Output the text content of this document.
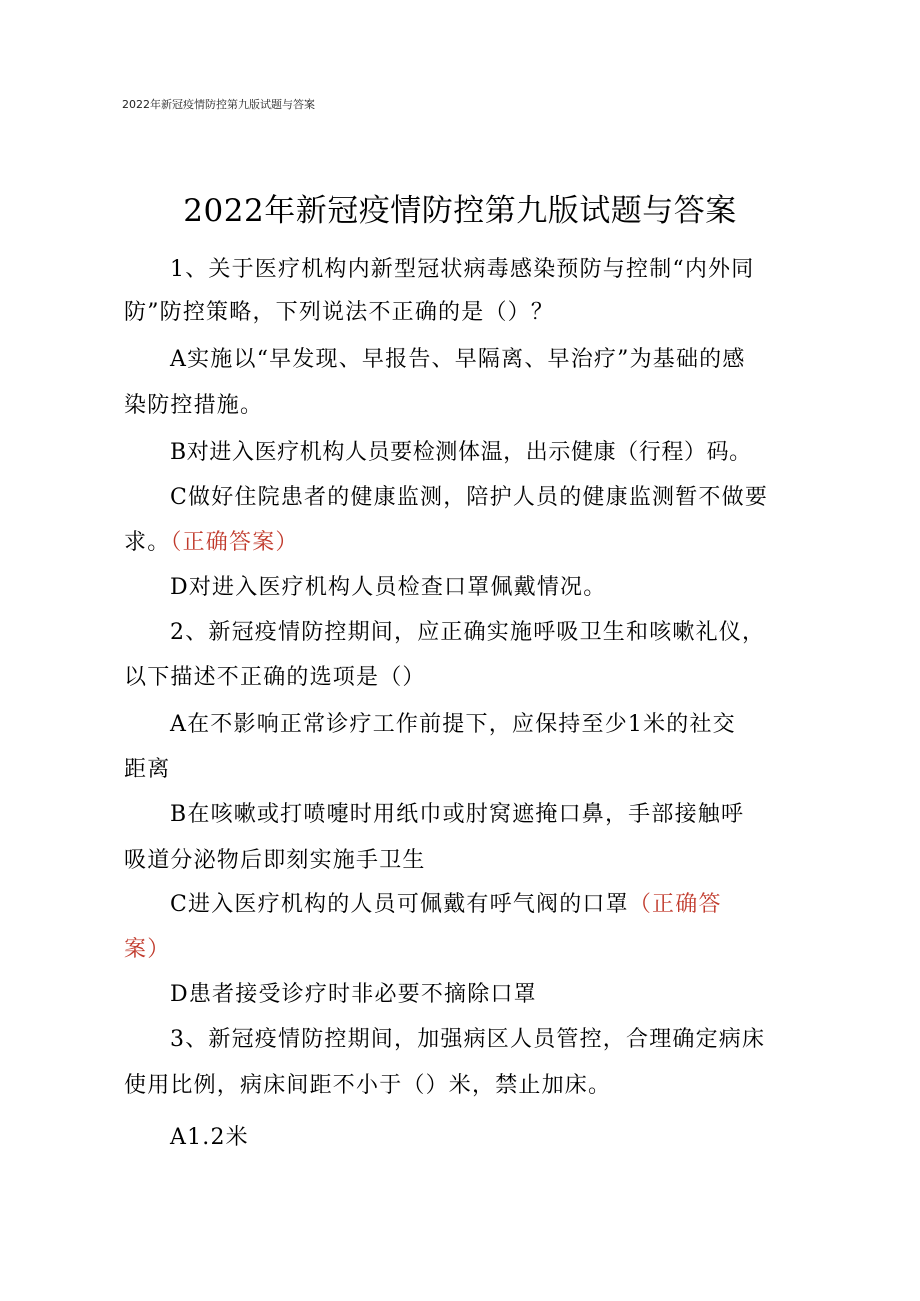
2022年新冠疫情防控第九版试题与答案
2022年新冠疫情防控第九版试题与答案
1、关于医疗机构内新型冠状病毒感染预防与控制“内外同
防”防控策略，下列说法不正确的是（）？
A实施以“早发现、早报告、早隔离、早治疗”为基础的感
染防控措施。
B对进入医疗机构人员要检测体温，出示健康（行程）码。
C做好住院患者的健康监测，陪护人员的健康监测暂不做要
求。（正确答案）
D对进入医疗机构人员检查口罩佩戴情况。
2、新冠疫情防控期间，应正确实施呼吸卫生和咳嗽礼仪，
以下描述不正确的选项是（）
A在不影响正常诊疗工作前提下，应保持至少1米的社交
距离
B在咳嗽或打喷嚏时用纸巾或肘窝遮掩口鼻，手部接触呼
吸道分泌物后即刻实施手卫生
C进入医疗机构的人员可佩戴有呼气阀的口罩（正确答
案）
D患者接受诊疗时非必要不摘除口罩
3、新冠疫情防控期间，加强病区人员管控，合理确定病床
使用比例，病床间距不小于（）米，禁止加床。
A1.2米
